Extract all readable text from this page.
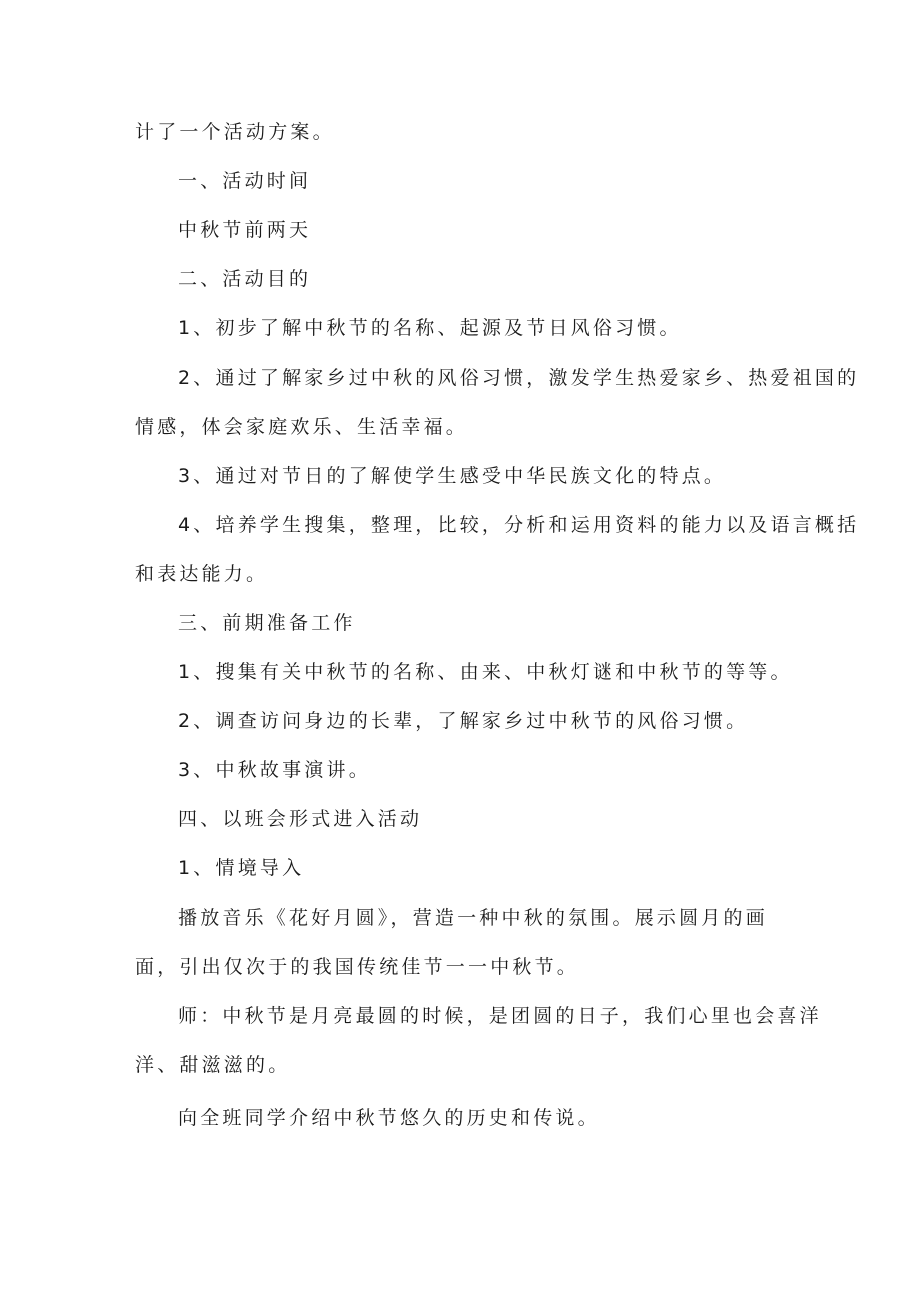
计了一个活动方案。

一、活动时间

中秋节前两天

二、活动目的

1、初步了解中秋节的名称、起源及节日风俗习惯。

2、通过了解家乡过中秋的风俗习惯，激发学生热爱家乡、热爱祖国的

情感，体会家庭欢乐、生活幸福。

3、通过对节日的了解使学生感受中华民族文化的特点。

4、培养学生搜集，整理，比较，分析和运用资料的能力以及语言概括

和表达能力。

三、前期准备工作

1、搜集有关中秋节的名称、由来、中秋灯谜和中秋节的等等。

2、调查访问身边的长辈，了解家乡过中秋节的风俗习惯。

3、中秋故事演讲。

四、以班会形式进入活动

1、情境导入

播放音乐《花好月圆》，营造一种中秋的氛围。展示圆月的画

面，引出仅次于的我国传统佳节一一中秋节。

师：中秋节是月亮最圆的时候，是团圆的日子，我们心里也会喜洋

洋、甜滋滋的。

向全班同学介绍中秋节悠久的历史和传说。
